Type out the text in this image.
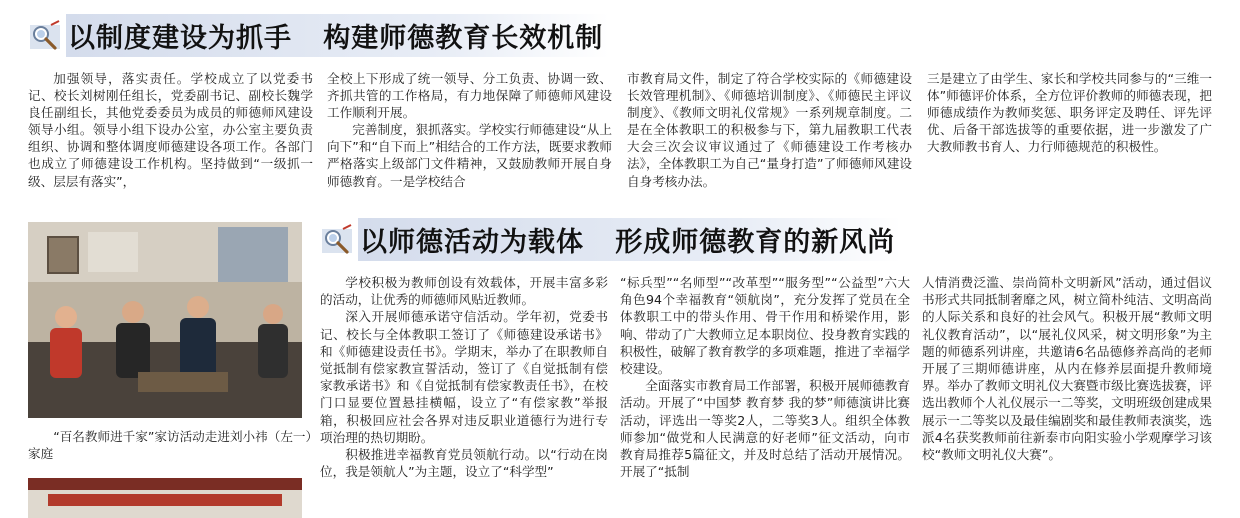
以制度建设为抓手 构建师德教育长效机制

加强领导，落实责任。学校成立了以党委书记、校长刘树刚任组长，党委副书记、副校长魏学良任副组长，其他党委委员为成员的师德师风建设领导小组。领导小组下设办公室，办公室主要负责组织、协调和整体调度师德建设各项工作。各部门也成立了师德建设工作机构。坚持做到“一级抓一级、层层有落实”，

全校上下形成了统一领导、分工负责、协调一致、齐抓共管的工作格局，有力地保障了师德师风建设工作顺利开展。

完善制度，狠抓落实。学校实行师德建设“从上向下”和“自下而上”相结合的工作方法，既要求教师严格落实上级部门文件精神，又鼓励教师开展自身师德教育。一是学校结合

市教育局文件，制定了符合学校实际的《师德建设长效管理机制》、《师德培训制度》、《师德民主评议制度》、《教师文明礼仪常规》一系列规章制度。二是在全体教职工的积极参与下，第九届教职工代表大会三次会议审议通过了《师德建设工作考核办法》，全体教职工为自己“量身打造”了师德师风建设自身考核办法。

三是建立了由学生、家长和学校共同参与的“三维一体”师德评价体系，全方位评价教师的师德表现，把师德成绩作为教师奖惩、职务评定及聘任、评先评优、后备干部选拔等的重要依据，进一步激发了广大教师教书育人、力行师德规范的积极性。

“百名教师进千家”家访活动走进刘小祎（左一）家庭
以师德活动为载体 形成师德教育的新风尚

学校积极为教师创设有效载体，开展丰富多彩的活动，让优秀的师德师风贴近教师。

深入开展师德承诺守信活动。学年初，党委书记、校长与全体教职工签订了《师德建设承诺书》和《师德建设责任书》。学期末，举办了在职教师自觉抵制有偿家教宣誓活动，签订了《自觉抵制有偿家教承诺书》和《自觉抵制有偿家教责任书》，在校门口显要位置悬挂横幅，设立了“有偿家教”举报箱，积极回应社会各界对违反职业道德行为进行专项治理的热切期盼。

积极推进幸福教育党员领航行动。以“行动在岗位，我是领航人”为主题，设立了“科学型”

“标兵型”“名师型”“改革型”“服务型”“公益型”六大角色94个幸福教育“领航岗”，充分发挥了党员在全体教职工中的带头作用、骨干作用和桥梁作用，影响、带动了广大教师立足本职岗位、投身教育实践的积极性，破解了教育教学的多项难题，推进了幸福学校建设。

全面落实市教育局工作部署，积极开展师德教育活动。开展了“中国梦 教育梦 我的梦”师德演讲比赛活动，评选出一等奖2人，二等奖3人。组织全体教师参加“做党和人民满意的好老师”征文活动，向市教育局推荐5篇征文，并及时总结了活动开展情况。开展了“抵制

人情消费泛滥、崇尚简朴文明新风”活动，通过倡议书形式共同抵制奢靡之风，树立简朴纯洁、文明高尚的人际关系和良好的社会风气。积极开展“教师文明礼仪教育活动”，以“展礼仪风采，树文明形象”为主题的师德系列讲座，共邀请6名品德修养高尚的老师开展了三期师德讲座，从内在修养层面提升教师境界。举办了教师文明礼仪大赛暨市级比赛选拔赛，评选出教师个人礼仪展示一二等奖，文明班级创建成果展示一二等奖以及最佳编剧奖和最佳教师表演奖，选派4名获奖教师前往新泰市向阳实验小学观摩学习该校“教师文明礼仪大赛”。
